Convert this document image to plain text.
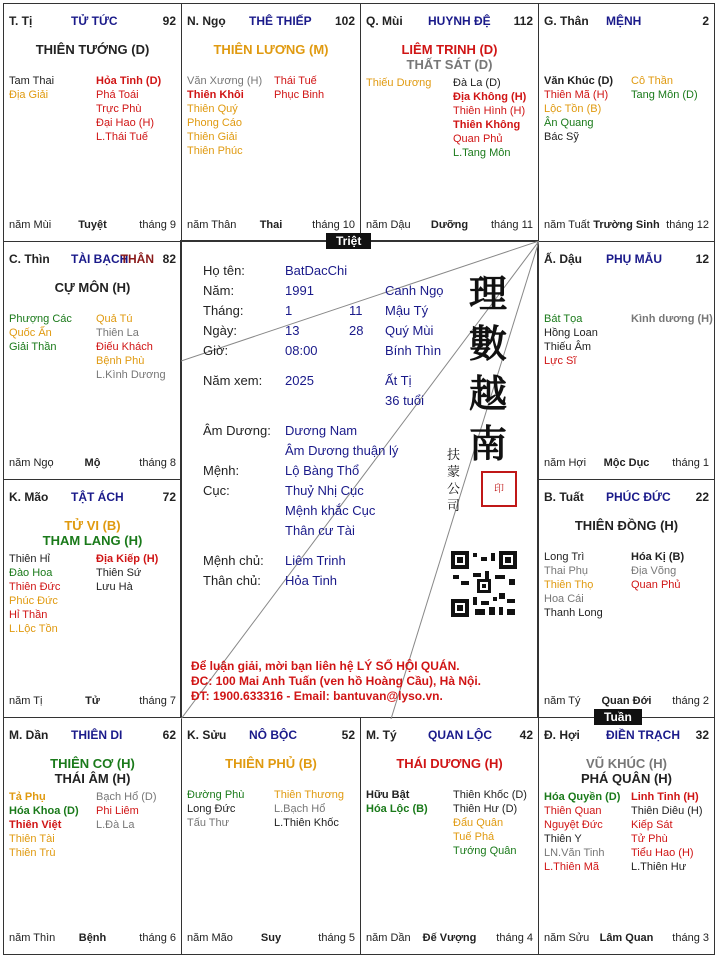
T. Tị	TỬ TỨC	92
THIÊN TƯỚNG (D)
Tam Thai
Địa Giải
Hỏa Tinh (D)
Phá Toái
Trực Phù
Đại Hao (H)
L.Thái Tuế
năm Mùi	Tuyệt	tháng 9
N. Ngọ THÊ THIẾP 102
THIÊN LƯƠNG (M)
Văn Xương (H)
Thiên Khôi
Thiên Quý
Phong Cáo
Thiên Giải
Thiên Phúc
Thái Tuế
Phục Binh
năm Thân	Thai	tháng 10
Q. Mùi HUYNH ĐỆ 112
LIÊM TRINH (D)
THẤT SÁT (D)
Thiếu Dương Đà La (D)
Địa Không (H)
Thiên Hình (H)
Thiên Không
Quan Phủ
L.Tang Môn
năm Dậu	Dưỡng	tháng 11
G. Thân MỆNH	2
Văn Khúc (D)
Thiên Mã (H)
Lộc Tồn (B)
Ân Quang
Bác Sỹ
Cô Thần
Tang Môn (D)
năm Tuất Trường Sinh tháng 12
C. Thìn TÀI BẠCH
THÂN 82
CỰ MÔN (H)
Phượng Các
Quốc Ấn
Giải Thần
Quả Tú
Thiên La
Điếu Khách
Bệnh Phù
L.Kình Dương
năm Ngọ	Mộ	tháng 8
Ấ. Dậu PHỤ MẪU	12
Bát Tọa
Hồng Loan
Thiếu Âm
Lực Sĩ
Kình dương (H)
năm Hợi	Mộc Dục	tháng 1
K. Mão TẬT ÁCH	72
TỬ VI (B)
THAM LANG (H)
Thiên Hỉ
Đào Hoa
Thiên Đức
Phúc Đức
Hỉ Thần
L.Lộc Tồn
Địa Kiếp (H)
Thiên Sứ
Lưu Hà
năm Tị	Tử	tháng 7
B. Tuất PHÚC ĐỨC 22
THIÊN ĐỒNG (H)
Long Trì
Thai Phụ
Thiên Thọ
Hoa Cái
Thanh Long
Hóa Kị (B)
Địa Võng
Quan Phủ
năm Tý	Quan Đới	tháng 2
M. Dần THIÊN DI	62
THIÊN CƠ (H)
THÁI ÂM (H)
Tả Phụ
Hóa Khoa (D)
Thiên Việt
Thiên Tài
Thiên Trù
Bạch Hổ (D)
Phi Liêm
L.Đà La
năm Thìn	Bệnh	tháng 6
K. Sửu NÔ BỘC	52
THIÊN PHỦ (B)
Đường Phù
Long Đức
Tấu Thư
Thiên Thương
L.Bạch Hổ
L.Thiên Khốc
năm Mão	Suy	tháng 5
M. Tý	QUAN LỘC 42
THÁI DƯƠNG (H)
Hữu Bật
Hóa Lộc (B)
Thiên Khốc (D)
Thiên Hư (D)
Đẩu Quân
Tuế Phá
Tướng Quân
năm Dần	Đế Vượng	tháng 4
Đ. Hợi ĐIỀN TRẠCH 32
VŨ KHÚC (H)
PHÁ QUÂN (H)
Hóa Quyền (D)
Thiên Quan
Nguyệt Đức
Thiên Y
LN.Văn Tinh
L.Thiên Mã
Linh Tinh (H)
Thiên Diêu (H)
Kiếp Sát
Tử Phù
Tiểu Hao (H)
L.Thiên Hư
năm Sửu Lâm Quan	tháng 3
Họ tên:	BatDacChi
Năm:	1991	Canh Ngọ
Tháng:	1	11 Mậu Tý
Ngày:	13	28 Quý Mùi
Giờ:	08:00	Bính Thìn
Năm xem: 2025	Ất Tị
36 tuổi
Âm Dương: Dương Nam
Âm Dương thuận lý
Mệnh:	Lộ Bàng Thổ
Cục:	Thuỷ Nhị Cục
Mệnh khắc Cục
Thân cư Tài
Mệnh chủ: Liêm Trinh
Thân chủ: Hỏa Tinh
理數越南
扶蒙公司
印
Để luận giải, mời bạn liên hệ LÝ SỐ HỘI QUÁN.
ĐC: 100 Mai Anh Tuấn (ven hồ Hoàng Cầu), Hà Nội.
ĐT: 1900.633316 - Email: bantuvan@lyso.vn.
Triệt
Tuần
